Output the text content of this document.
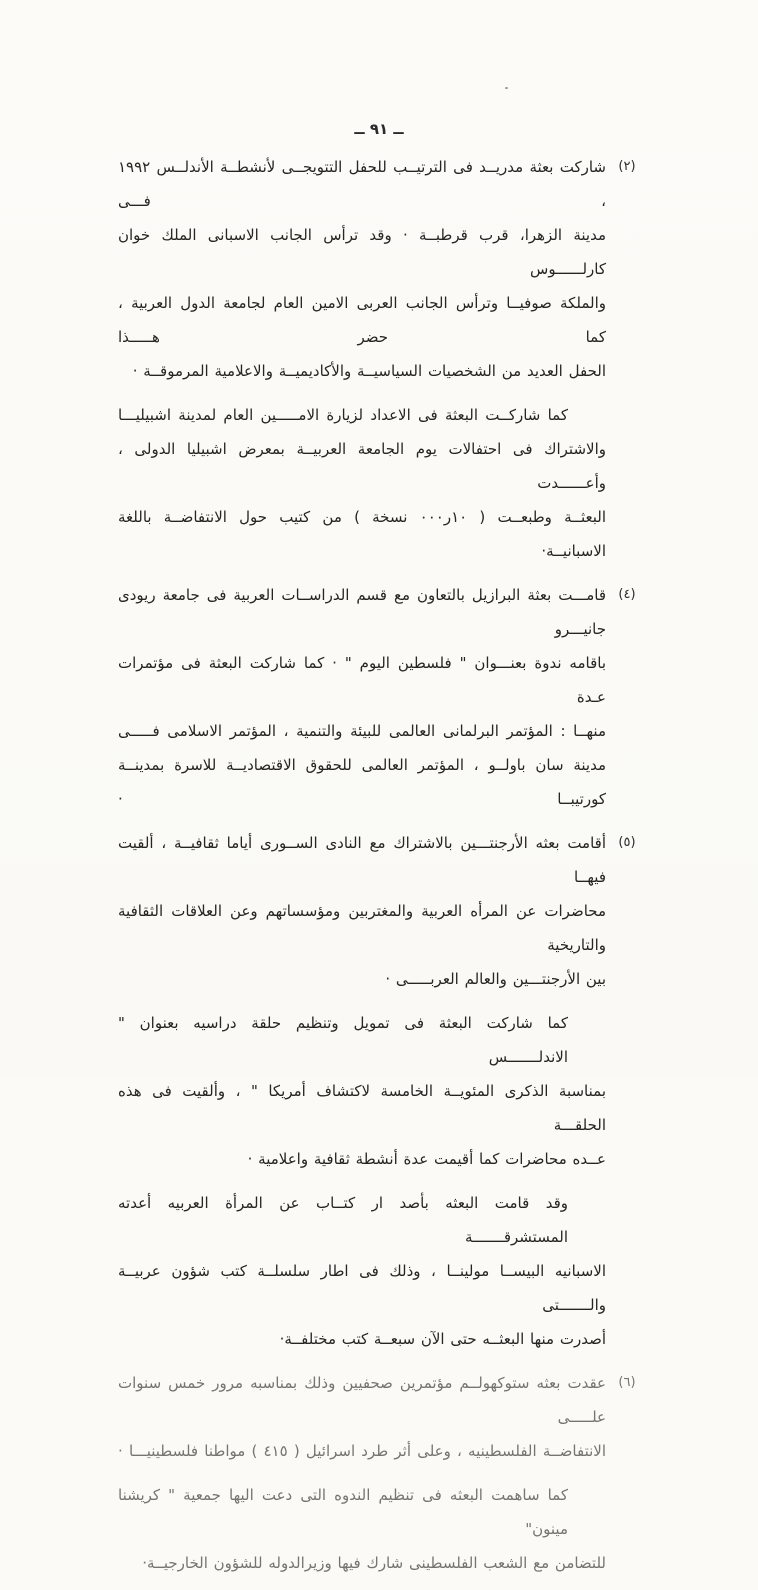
ــ ٩١ ــ
(٢)
شاركت بعثة مدريــد فى الترتيــب للحفل التتويجــى لأنشطــة الأندلــس ١٩٩٢ ، فـــى
مدينة الزهرا، قرب قرطبــة · وقد ترأس الجانب الاسبانى الملك خوان كارلــــــوس
والملكة صوفيــا وترأس الجانب العربى الامين العام لجامعة الدول العربية ، كما حضر هـــــذا
الحفل العديد من الشخصيات السياسيــة والأكاديميــة والاعلامية المرموقــة ·
كما شاركــت البعثة فى الاعداد لزيارة الامـــــين العام لمدينة اشبيليـــا
والاشتراك فى احتفالات يوم الجامعة العربيــة بمعرض اشبيليا الدولى ، وأعــــــدت
البعثــة وطبعــت ( ١٠ر٠٠٠ نسخة ) من كتيب حول الانتفاضــة باللغة الاسبانيــة·
(٤)
قامـــت بعثة البرازيل بالتعاون مع قسم الدراســات العربية فى جامعة ريودى جانيـــرو
باقامه ندوة بعنـــوان " فلسطين اليوم " · كما شاركت البعثة فى مؤتمرات عـدة
منهــا : المؤتمر البرلمانى العالمى للبيئة والتنمية ، المؤتمر الاسلامى فـــــى
مدينة سان باولــو ، المؤتمر العالمى للحقوق الاقتصاديــة للاسرة بمدينــة كورتيبــا ·
(٥)
أقامت بعثه الأرجنتـــين بالاشتراك مع النادى الســورى أياما ثقافيــة ، ألقيت فيهــا
محاضرات عن المرأه العربية والمغتربين ومؤسساتهم وعن العلاقات الثقافية والتاريخية
بين الأرجنتـــين والعالم العربـــــى ·
كما شاركت البعثة فى تمويل وتنظيم حلقة دراسيه بعنوان " الاندلـــــــس
بمناسبة الذكرى المئويــة الخامسة لاكتشاف أمريكا " ، وألقيت فى هذه الحلقـــة
عــده محاضرات كما أقيمت عدة أنشطة ثقافية واعلامية ·
وقد قامت البعثه بأصد ار كتــاب عن المرأة العربيه أعدته المستشرقـــــــة
الاسبانيه البيســا مولينــا ، وذلك فى اطار سلسلــة كتب شؤون عربيــة والـــــــتى
أصدرت منها البعثــه حتى الآن سبعــة كتب مختلفــة·
(٦)
عقدت بعثه ستوكهولــم مؤتمرين صحفيين وذلك بمناسبه مرور خمس سنوات علـــــى
الانتفاضــة الفلسطينيه ، وعلى أثر طرد اسرائيل ( ٤١٥ ) مواطنا فلسطينيـــا ·
كما ساهمت البعثه فى تنظيم الندوه التى دعت اليها جمعية " كريشنا مينون"
للتضامن مع الشعب الفلسطينى شارك فيها وزيرالدوله للشؤون الخارجيــة·
